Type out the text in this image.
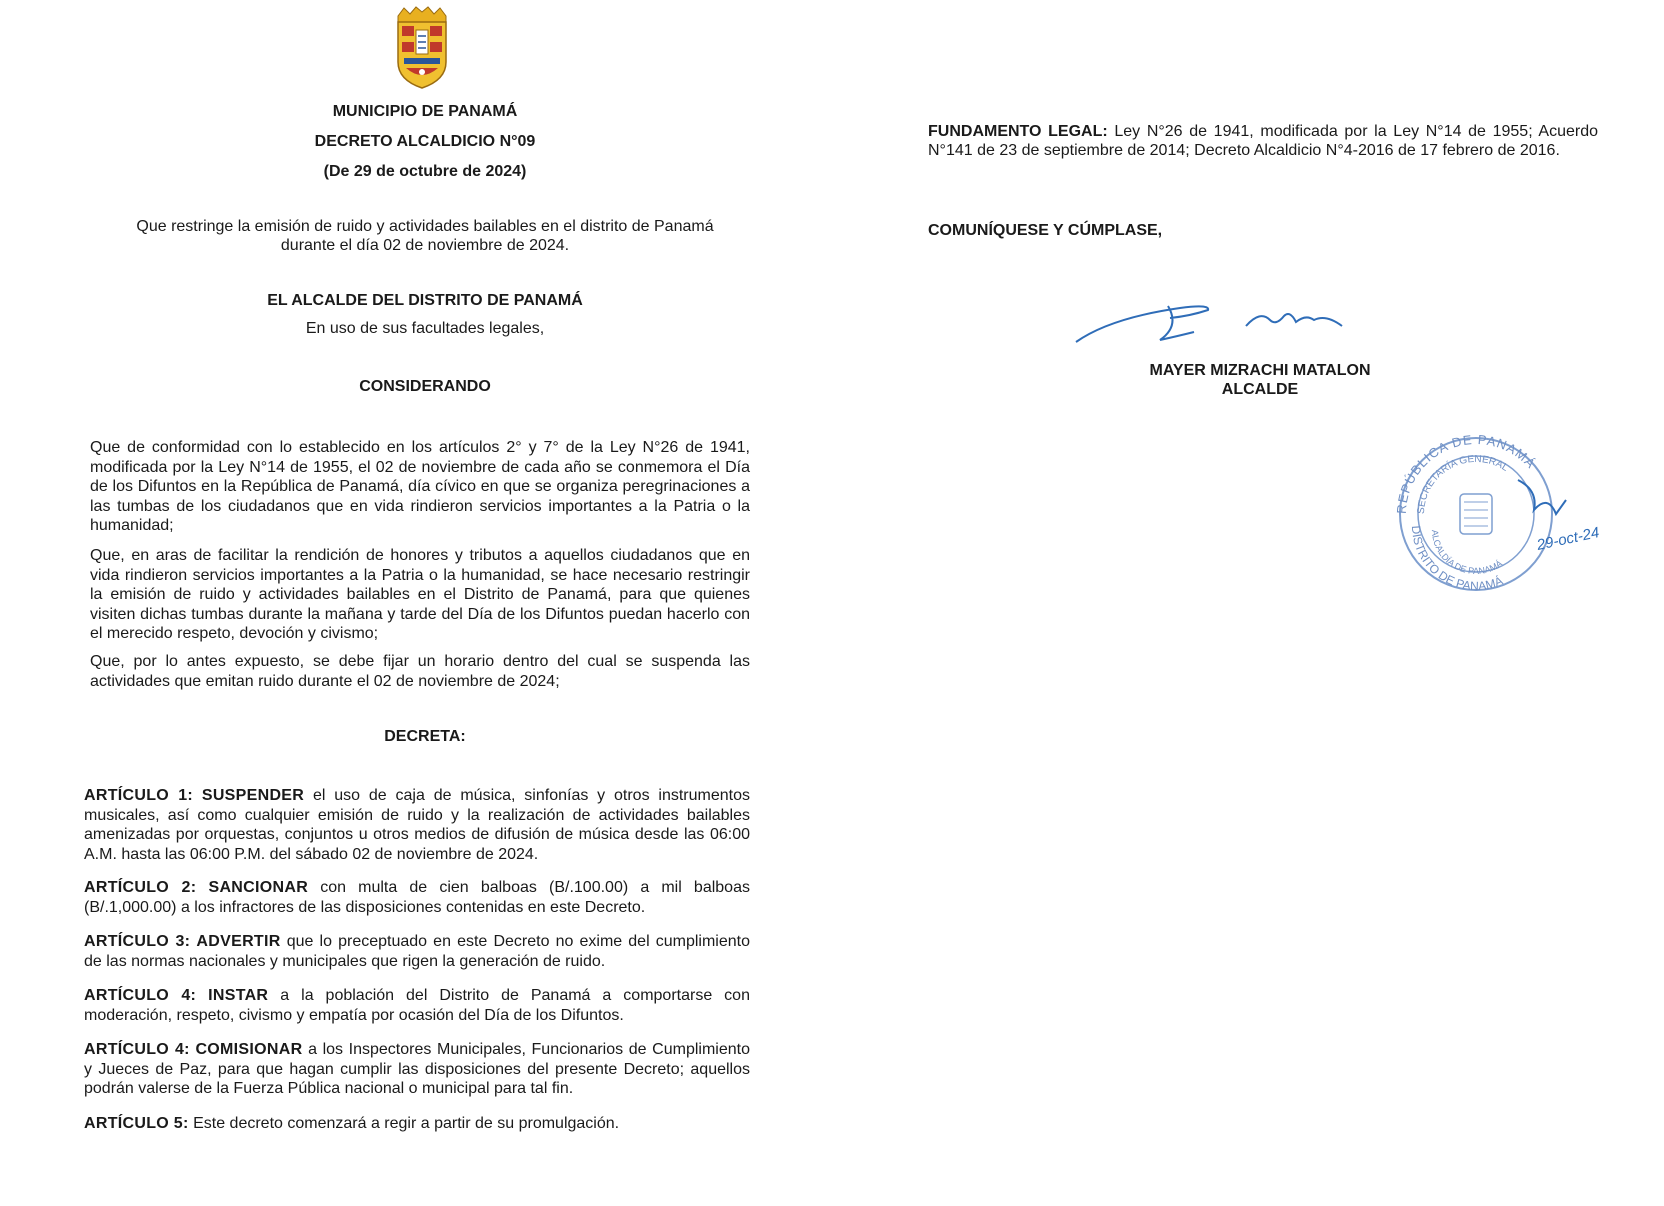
MUNICIPIO DE PANAMÁ
DECRETO ALCALDICIO N°09
(De 29 de octubre de 2024)
Que restringe la emisión de ruido y actividades bailables en el distrito de Panamá durante el día 02 de noviembre de 2024.
EL ALCALDE DEL DISTRITO DE PANAMÁ
En uso de sus facultades legales,
CONSIDERANDO
Que de conformidad con lo establecido en los artículos 2° y 7° de la Ley N°26 de 1941, modificada por la Ley N°14 de 1955, el 02 de noviembre de cada año se conmemora el Día de los Difuntos en la República de Panamá, día cívico en que se organiza peregrinaciones a las tumbas de los ciudadanos que en vida rindieron servicios importantes a la Patria o la humanidad;
Que, en aras de facilitar la rendición de honores y tributos a aquellos ciudadanos que en vida rindieron servicios importantes a la Patria o la humanidad, se hace necesario restringir la emisión de ruido y actividades bailables en el Distrito de Panamá, para que quienes visiten dichas tumbas durante la mañana y tarde del Día de los Difuntos puedan hacerlo con el merecido respeto, devoción y civismo;
Que, por lo antes expuesto, se debe fijar un horario dentro del cual se suspenda las actividades que emitan ruido durante el 02 de noviembre de 2024;
DECRETA:
ARTÍCULO 1: SUSPENDER el uso de caja de música, sinfonías y otros instrumentos musicales, así como cualquier emisión de ruido y la realización de actividades bailables amenizadas por orquestas, conjuntos u otros medios de difusión de música desde las 06:00 A.M. hasta las 06:00 P.M. del sábado 02 de noviembre de 2024.
ARTÍCULO 2: SANCIONAR con multa de cien balboas (B/.100.00) a mil balboas (B/.1,000.00) a los infractores de las disposiciones contenidas en este Decreto.
ARTÍCULO 3: ADVERTIR que lo preceptuado en este Decreto no exime del cumplimiento de las normas nacionales y municipales que rigen la generación de ruido.
ARTÍCULO 4: INSTAR a la población del Distrito de Panamá a comportarse con moderación, respeto, civismo y empatía por ocasión del Día de los Difuntos.
ARTÍCULO 4: COMISIONAR a los Inspectores Municipales, Funcionarios de Cumplimiento y Jueces de Paz, para que hagan cumplir las disposiciones del presente Decreto; aquellos podrán valerse de la Fuerza Pública nacional o municipal para tal fin.
ARTÍCULO 5: Este decreto comenzará a regir a partir de su promulgación.
FUNDAMENTO LEGAL: Ley N°26 de 1941, modificada por la Ley N°14 de 1955; Acuerdo N°141 de 23 de septiembre de 2014; Decreto Alcaldicio N°4-2016 de 17 febrero de 2016.
COMUNÍQUESE Y CÚMPLASE,
MAYER MIZRACHI MATALON
ALCALDE
REPÚBLICA DE PANAMÁ
SECRETARÍA GENERAL
ALCALDÍA DE PANAMÁ
DISTRITO DE PANAMÁ
29-oct-24
